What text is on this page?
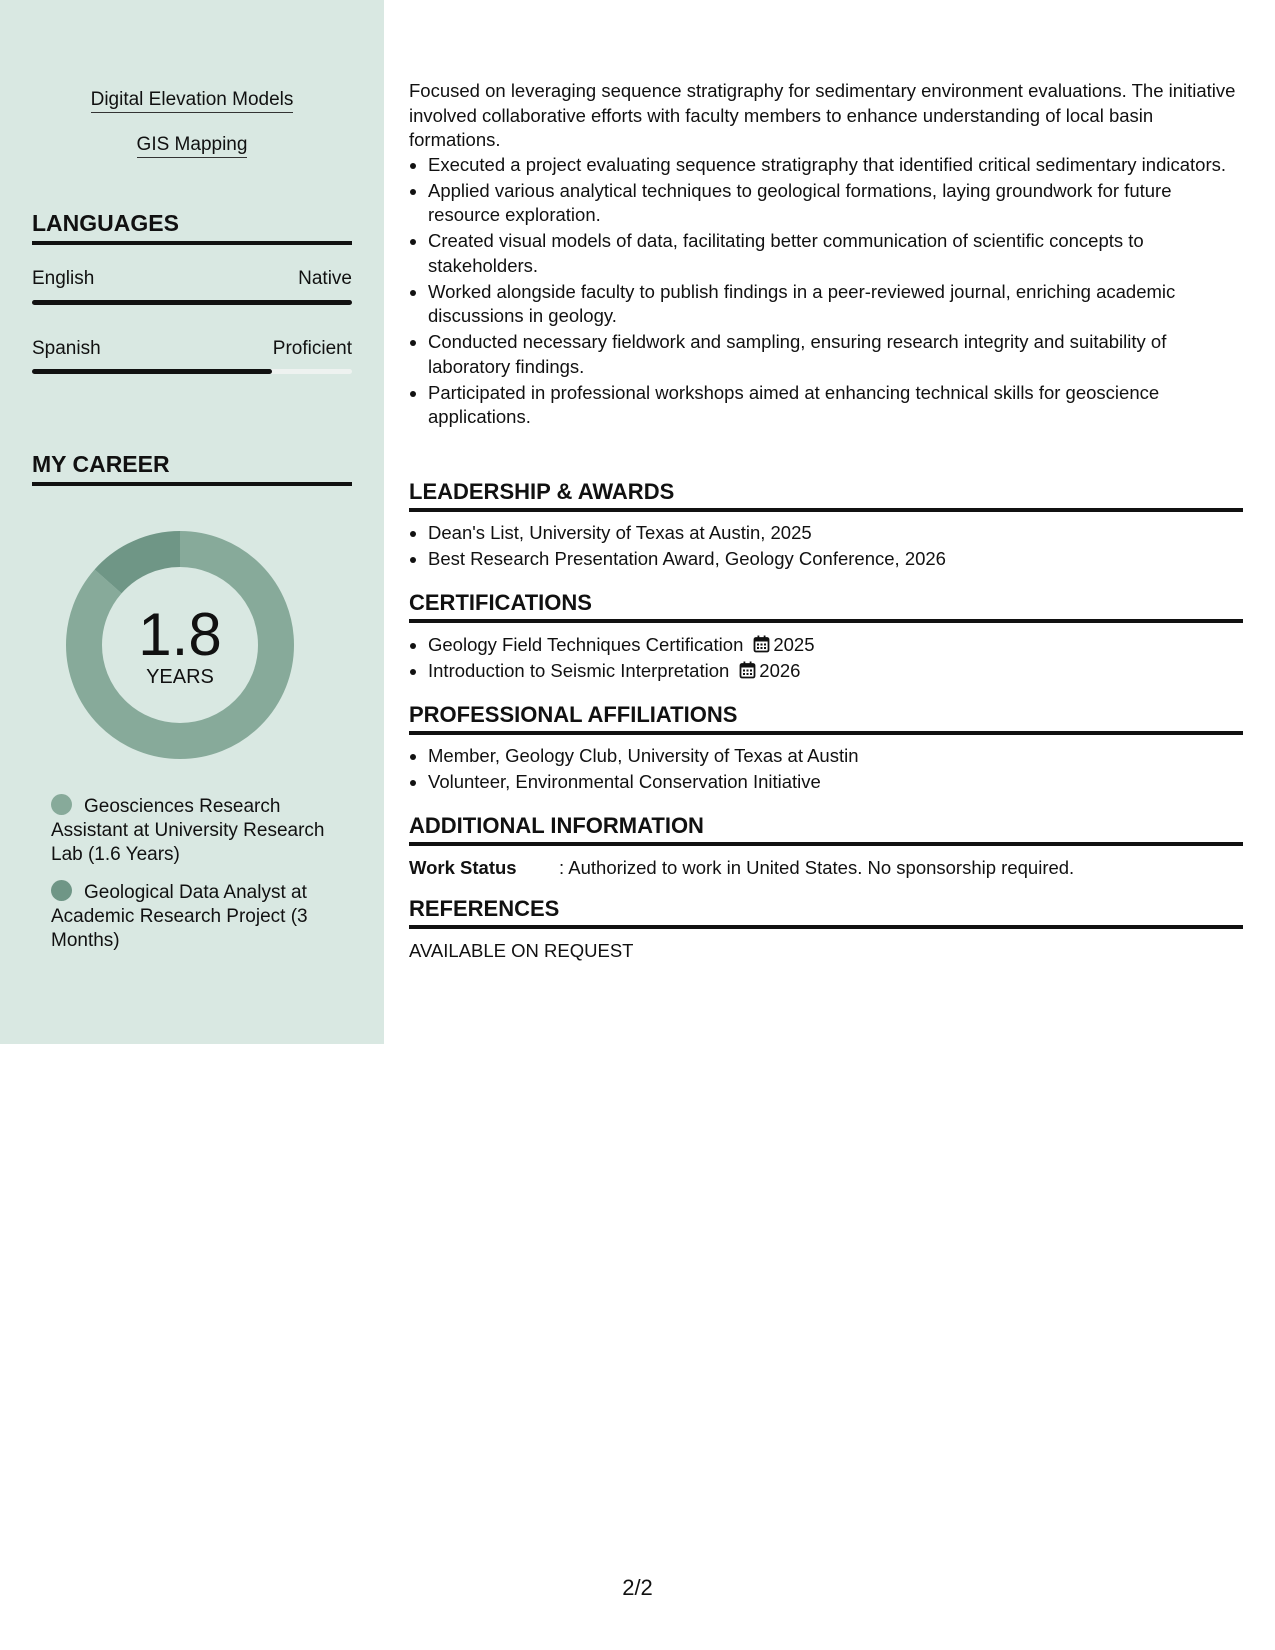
Digital Elevation Models
GIS Mapping
LANGUAGES
English	Native
Spanish	Proficient
MY CAREER
1.8
YEARS
Geosciences Research Assistant at University Research Lab (1.6 Years)
Geological Data Analyst at Academic Research Project (3 Months)
Focused on leveraging sequence stratigraphy for sedimentary environment evaluations. The initiative involved collaborative efforts with faculty members to enhance understanding of local basin formations.
• Executed a project evaluating sequence stratigraphy that identified critical sedimentary indicators.
• Applied various analytical techniques to geological formations, laying groundwork for future resource exploration.
• Created visual models of data, facilitating better communication of scientific concepts to stakeholders.
• Worked alongside faculty to publish findings in a peer-reviewed journal, enriching academic discussions in geology.
• Conducted necessary fieldwork and sampling, ensuring research integrity and suitability of laboratory findings.
• Participated in professional workshops aimed at enhancing technical skills for geoscience applications.
LEADERSHIP & AWARDS
• Dean's List, University of Texas at Austin, 2025
• Best Research Presentation Award, Geology Conference, 2026
CERTIFICATIONS
• Geology Field Techniques Certification 2025
• Introduction to Seismic Interpretation 2026
PROFESSIONAL AFFILIATIONS
• Member, Geology Club, University of Texas at Austin
• Volunteer, Environmental Conservation Initiative
ADDITIONAL INFORMATION
Work Status : Authorized to work in United States. No sponsorship required.
REFERENCES
AVAILABLE ON REQUEST
2/2
